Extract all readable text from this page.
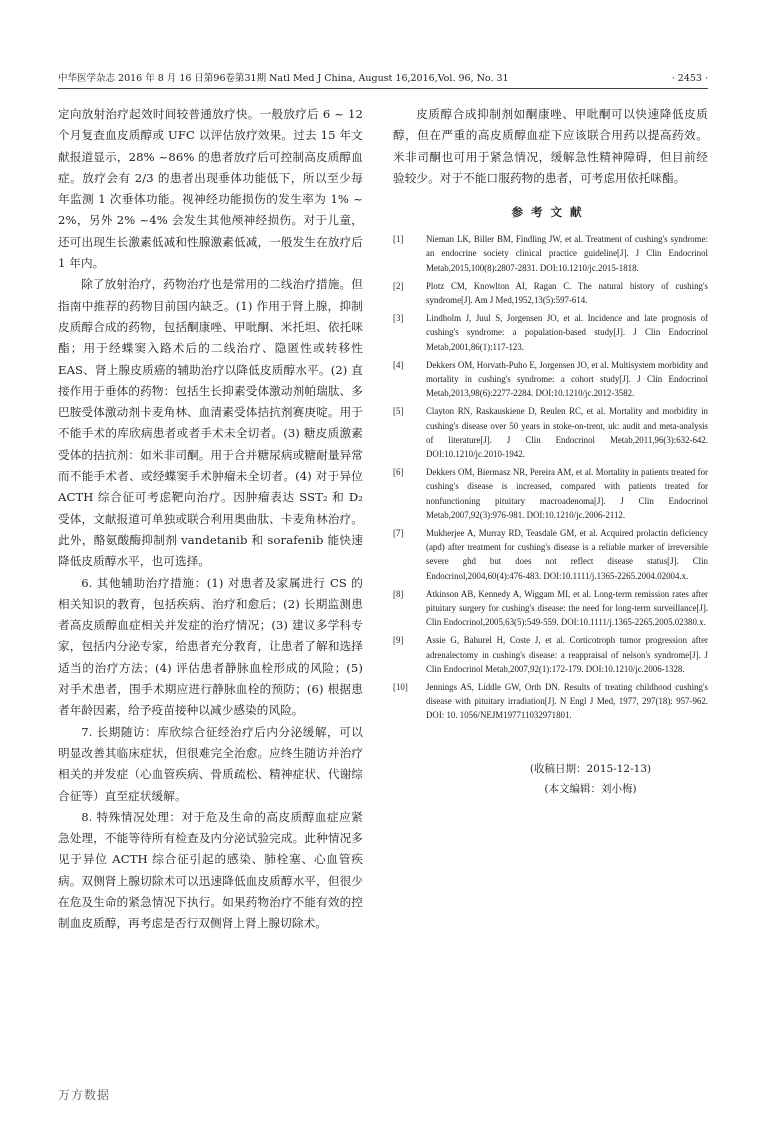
中华医学杂志 2016 年 8 月 16 日第96卷第31期 Natl Med J China, August 16,2016,Vol. 96, No. 31	· 2453 ·

定向放射治疗起效时间较普通放疗快。一般放疗后 6 ~ 12 个月复查血皮质醇或 UFC 以评估放疗效果。过去 15 年文献报道显示，28% ~86% 的患者放疗后可控制高皮质醇血症。放疗会有 2/3 的患者出现垂体功能低下，所以至少每年监测 1 次垂体功能。视神经功能损伤的发生率为 1% ~ 2%，另外 2% ~4% 会发生其他颅神经损伤。对于儿童，还可出现生长激素低减和性腺激素低减，一般发生在放疗后 1 年内。

除了放射治疗，药物治疗也是常用的二线治疗措施。但指南中推荐的药物目前国内缺乏。(1) 作用于肾上腺，抑制皮质醇合成的药物，包括酮康唑、甲吡酮、米托坦、依托咪酯；用于经蝶窦入路术后的二线治疗、隐匿性或转移性 EAS、肾上腺皮质癌的辅助治疗以降低皮质醇水平。(2) 直接作用于垂体的药物：包括生长抑素受体激动剂帕瑞肽、多巴胺受体激动剂卡麦角林、血清素受体拮抗剂赛庚啶。用于不能手术的库欣病患者或者手术未全切者。(3) 糖皮质激素受体的拮抗剂：如米非司酮。用于合并糖尿病或糖耐量异常而不能手术者、或经蝶窦手术肿瘤未全切者。(4) 对于异位 ACTH 综合征可考虑靶向治疗。因肿瘤表达 SST₂ 和 D₂ 受体，文献报道可单独或联合利用奥曲肽、卡麦角林治疗。此外，酪氨酸酶抑制剂 vandetanib 和 sorafenib 能快速降低皮质醇水平，也可选择。

6. 其他辅助治疗措施：(1) 对患者及家属进行 CS 的相关知识的教育，包括疾病、治疗和愈后；(2) 长期监测患者高皮质醇血症相关并发症的治疗情况；(3) 建议多学科专家，包括内分泌专家，给患者充分教育，让患者了解和选择适当的治疗方法；(4) 评估患者静脉血栓形成的风险；(5) 对手术患者，围手术期应进行静脉血栓的预防；(6) 根据患者年龄因素，给予疫苗接种以减少感染的风险。

7. 长期随访：库欣综合征经治疗后内分泌缓解，可以明显改善其临床症状，但很难完全治愈。应终生随访并治疗相关的并发症（心血管疾病、骨质疏松、精神症状、代谢综合征等）直至症状缓解。

8. 特殊情况处理：对于危及生命的高皮质醇血症应紧急处理，不能等待所有检查及内分泌试验完成。此种情况多见于异位 ACTH 综合征引起的感染、肺栓塞、心血管疾病。双侧肾上腺切除术可以迅速降低血皮质醇水平，但很少在危及生命的紧急情况下执行。如果药物治疗不能有效的控制血皮质醇，再考虑是否行双侧肾上肾上腺切除术。

皮质醇合成抑制剂如酮康唑、甲吡酮可以快速降低皮质醇，但在严重的高皮质醇血症下应该联合用药以提高药效。米非司酮也可用于紧急情况，缓解急性精神障碍，但目前经验较少。对于不能口服药物的患者，可考虑用依托咪酯。

参考文献
[1]	Nieman LK, Biller BM, Findling JW, et al. Treatment of cushing's syndrome: an endocrine society clinical practice guideline[J]. J Clin Endocrinol Metab,2015,100(8):2807-2831. DOI:10.1210/jc.2015-1818.
[2]	Plotz CM, Knowlton AI, Ragan C. The natural history of cushing's syndrome[J]. Am J Med,1952,13(5):597-614.
[3]	Lindholm J, Juul S, Jorgensen JO, et al. Incidence and late prognosis of cushing's syndrome: a population-based study[J]. J Clin Endocrinol Metab,2001,86(1):117-123.
[4]	Dekkers OM, Horvath-Puho E, Jorgensen JO, et al. Multisystem morbidity and mortality in cushing's syndrome: a cohort study[J]. J Clin Endocrinol Metab,2013,98(6):2277-2284. DOI:10.1210/jc.2012-3582.
[5]	Clayton RN, Raskauskiene D, Reulen RC, et al. Mortality and morbidity in cushing's disease over 50 years in stoke-on-trent, uk: audit and meta-analysis of literature[J]. J Clin Endocrinol Metab,2011,96(3):632-642. DOI:10.1210/jc.2010-1942.
[6]	Dekkers OM, Biermasz NR, Pereira AM, et al. Mortality in patients treated for cushing's disease is increased, compared with patients treated for nonfunctioning pituitary macroadenoma[J]. J Clin Endocrinol Metab,2007,92(3):976-981. DOI:10.1210/jc.2006-2112.
[7]	Mukherjee A, Murray RD, Teasdale GM, et al. Acquired prolactin deficiency (apd) after treatment for cushing's disease is a reliable marker of irreversible severe ghd but does not reflect disease status[J]. Clin Endocrinol,2004,60(4):476-483. DOI:10.1111/j.1365-2265.2004.02004.x.
[8]	Atkinson AB, Kennedy A, Wiggam MI, et al. Long-term remission rates after pituitary surgery for cushing's disease: the need for long-term surveillance[J]. Clin Endocrinol,2005,63(5):549-559. DOI:10.1111/j.1365-2265.2005.02380.x.
[9]	Assie G, Bahurel H, Coste J, et al. Corticotroph tumor progression after adrenalectomy in cushing's disease: a reappraisal of nelson's syndrome[J]. J Clin Endocrinol Metab,2007,92(1):172-179. DOI:10.1210/jc.2006-1328.
[10]	Jennings AS, Liddle GW, Orth DN. Results of treating childhood cushing's disease with pituitary irradiation[J]. N Engl J Med, 1977, 297(18): 957-962. DOI: 10. 1056/NEJM197711032971801.
(收稿日期：2015-12-13)
(本文编辑：刘小梅)
万方数据
